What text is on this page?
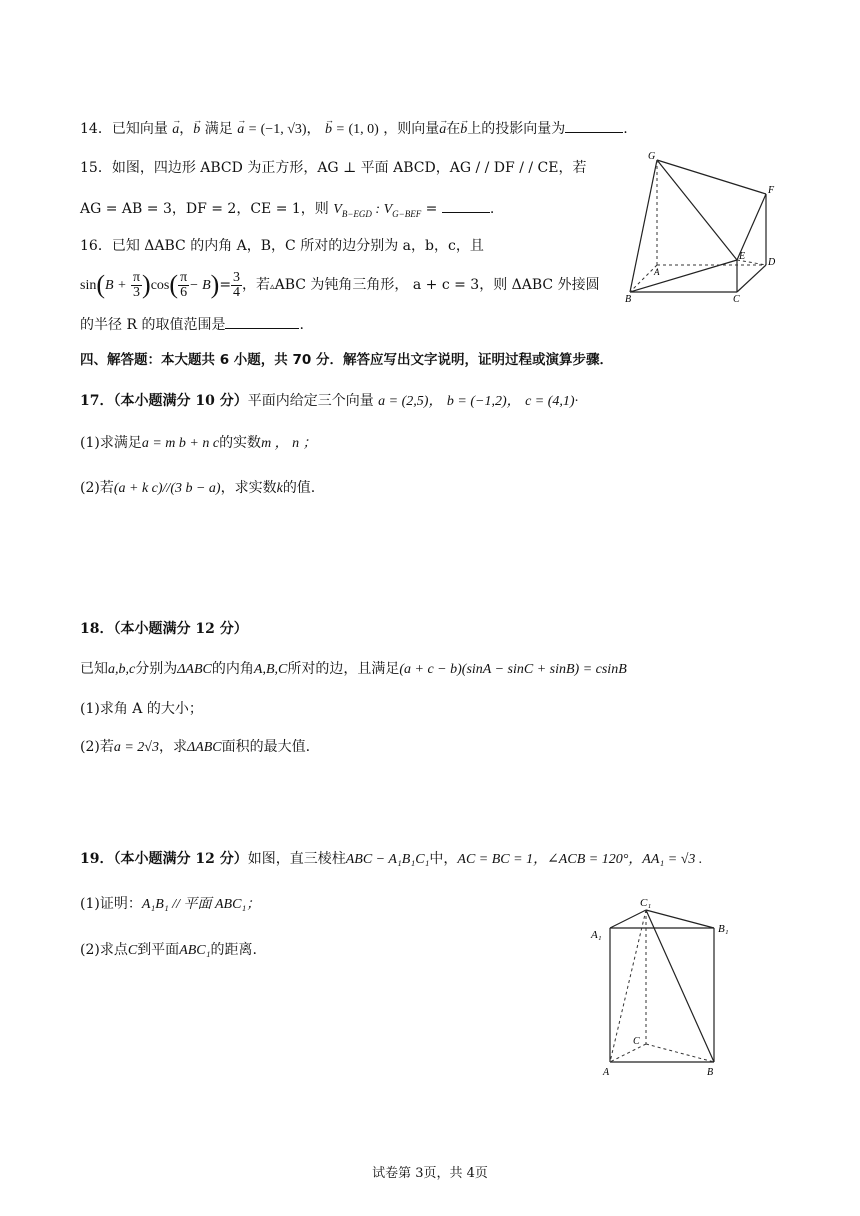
14．已知向量 → a，→ b 满足 → a = (−1, √3)， → b = (1, 0) ，则向量→ a在→ b上的投影向量为	.
15．如图，四边形 ABCD 为正方形，AG ⊥ 平面 ABCD，AG / / DF / / CE，若
AG = AB = 3，DF = 2，CE = 1，则 $V_{B-EGD}$ : $V_{G-BEF}$ =	.
16．已知 ΔABC 的内角 A，B，C 所对的边分别为 a，b，c，且
$\sin(B + \frac{\pi}{3} )\cos( \frac{\pi}{6} - B)= \frac{3}{4}$ ，若▵ABC 为钝角三角形， a + c = 3，则 ΔABC 外接圆
的半径 R 的取值范围是	.
G
F
E
D
A
B	C
四、解答题：本大题共 6 小题，共 70 分．解答应写出文字说明，证明过程或演算步骤．
17．（本小题满分 10 分）平面内给定三个向量 a = (2,5)， b = (−1,2)， c = (4,1)·
(1)求满足a = m b + n c的实数m ， n ；
(2)若(a + k c)//(3 b − a)，求实数k的值.
18．（本小题满分 12 分）
已知a,b,c分别为ΔABC的内角A,B,C所对的边，且满足(a + c − b)(sinA − sinC + sinB) = csinB
(1)求角 A 的大小；
(2)若a = 2√3，求ΔABC面积的最大值.
19．（本小题满分 12 分）如图，直三棱柱ABC − A₁B₁C₁中，AC = BC = 1，∠ACB = 120°，AA₁ = √3 .
(1)证明：A₁B₁ // 平面 ABC₁；
(2)求点C到平面ABC₁的距离.
C₁
A₁	B₁
C
A	B
试卷第 3页，共 4页
